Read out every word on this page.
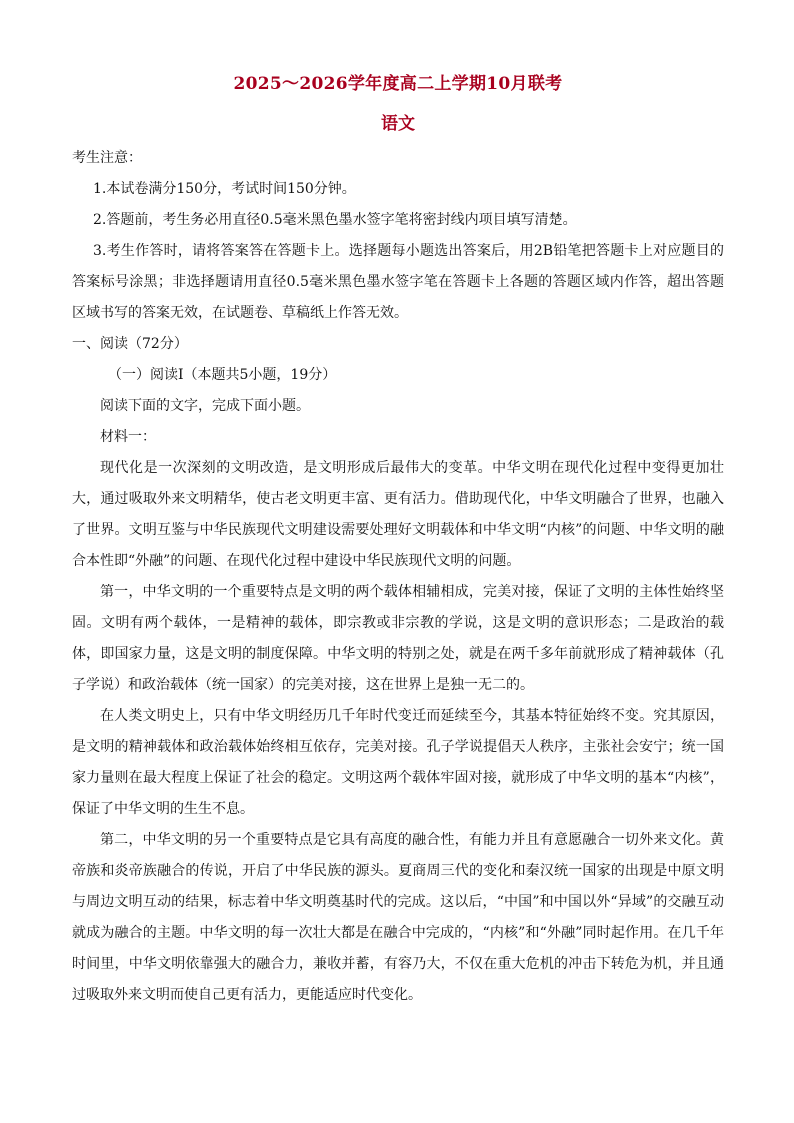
2025～2026学年度高二上学期10月联考
语文

考生注意：

1.本试卷满分150分，考试时间150分钟。

2.答题前，考生务必用直径0.5毫米黑色墨水签字笔将密封线内项目填写清楚。

3.考生作答时，请将答案答在答题卡上。选择题每小题选出答案后，用2B铅笔把答题卡上对应题目的答案标号涂黑；非选择题请用直径0.5毫米黑色墨水签字笔在答题卡上各题的答题区域内作答，超出答题区域书写的答案无效，在试题卷、草稿纸上作答无效。

一、阅读（72分）

（一）阅读Ⅰ（本题共5小题，19分）

阅读下面的文字，完成下面小题。

材料一：

现代化是一次深刻的文明改造，是文明形成后最伟大的变革。中华文明在现代化过程中变得更加壮大，通过吸取外来文明精华，使古老文明更丰富、更有活力。借助现代化，中华文明融合了世界，也融入了世界。文明互鉴与中华民族现代文明建设需要处理好文明载体和中华文明“内核”的问题、中华文明的融合本性即“外融”的问题、在现代化过程中建设中华民族现代文明的问题。

第一，中华文明的一个重要特点是文明的两个载体相辅相成，完美对接，保证了文明的主体性始终坚固。文明有两个载体，一是精神的载体，即宗教或非宗教的学说，这是文明的意识形态；二是政治的载体，即国家力量，这是文明的制度保障。中华文明的特别之处，就是在两千多年前就形成了精神载体（孔子学说）和政治载体（统一国家）的完美对接，这在世界上是独一无二的。

在人类文明史上，只有中华文明经历几千年时代变迁而延续至今，其基本特征始终不变。究其原因，是文明的精神载体和政治载体始终相互依存，完美对接。孔子学说提倡天人秩序，主张社会安宁；统一国家力量则在最大程度上保证了社会的稳定。文明这两个载体牢固对接，就形成了中华文明的基本“内核”，保证了中华文明的生生不息。

第二，中华文明的另一个重要特点是它具有高度的融合性，有能力并且有意愿融合一切外来文化。黄帝族和炎帝族融合的传说，开启了中华民族的源头。夏商周三代的变化和秦汉统一国家的出现是中原文明与周边文明互动的结果，标志着中华文明奠基时代的完成。这以后，“中国”和中国以外“异域”的交融互动就成为融合的主题。中华文明的每一次壮大都是在融合中完成的，“内核”和“外融”同时起作用。在几千年时间里，中华文明依靠强大的融合力，兼收并蓄，有容乃大，不仅在重大危机的冲击下转危为机，并且通过吸取外来文明而使自己更有活力，更能适应时代变化。
